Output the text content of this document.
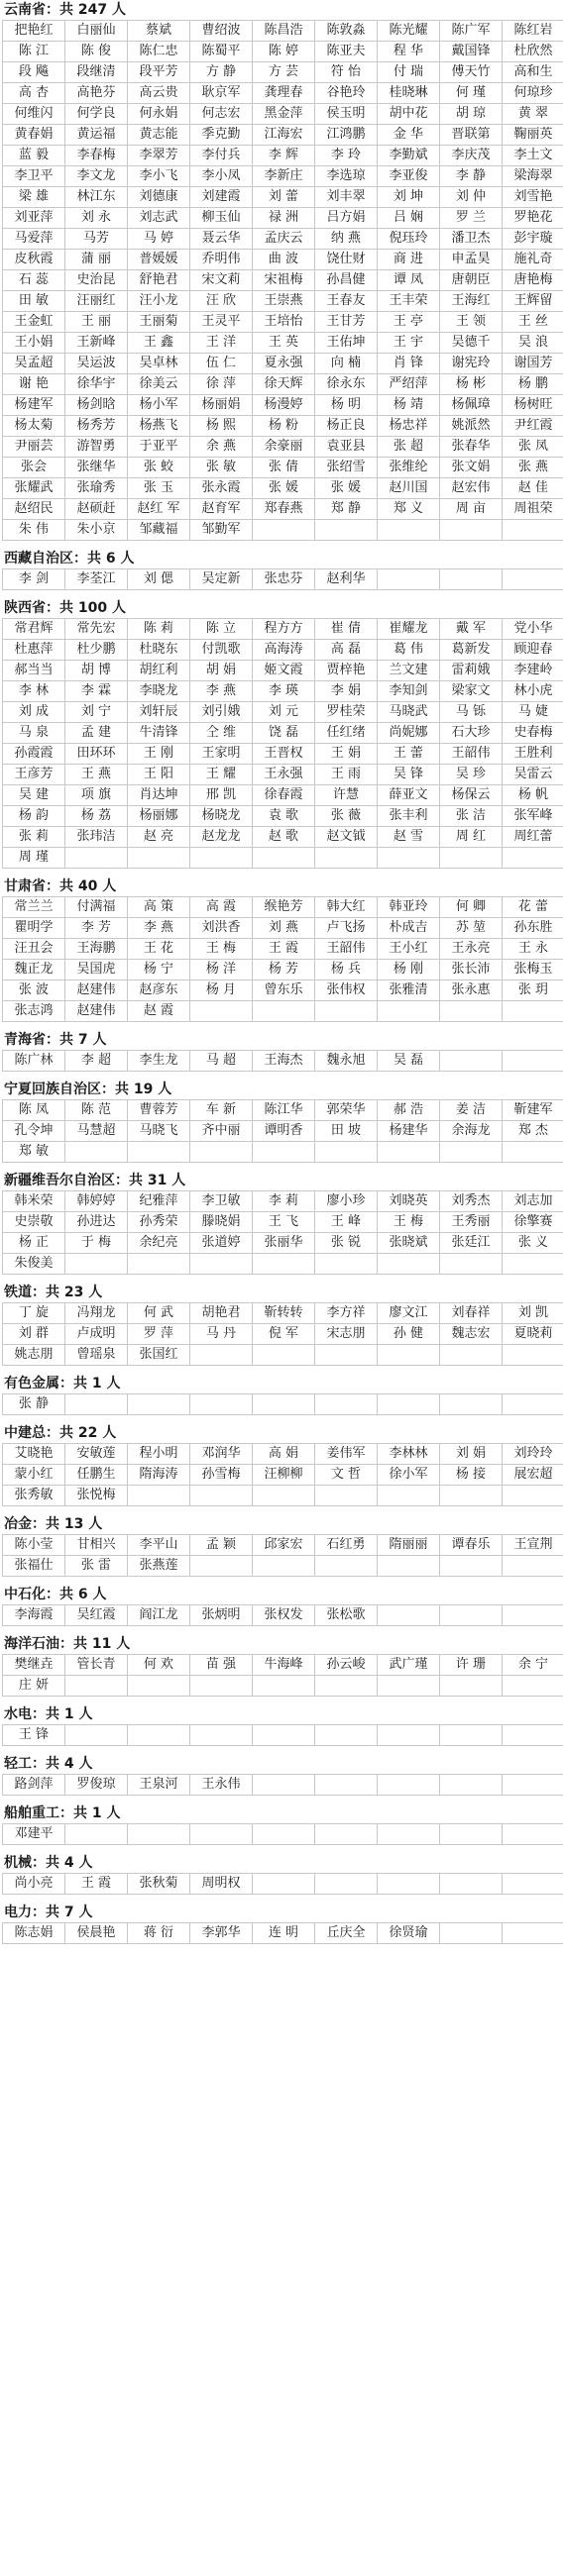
云南省：共 247 人
把艳红	白丽仙	蔡斌	曹绍波	陈昌浩	陈敦淼	陈光耀	陈广军	陈红岩
陈 江	陈 俊	陈仁忠	陈蜀平	陈 婷	陈亚夫	程 华	戴国锋	杜欣然
段 飚	段继清	段平芳	方 静	方 芸	符 怡	付 瑞	傅天竹	高和生
高 杏	高艳芬	高云贵	耿京军	龚理春	谷艳玲	桂晓琳	何 瑾	何琼珍
何维闪	何学良	何永娟	何志宏	黑金萍	侯玉明	胡中花	胡 琼	黄 翠
黄春娟	黄运福	黄志能	季克勤	江海宏	江鸿鹏	金 华	晋联第	鞠丽英
蓝 毅	李春梅	李翠芳	李付兵	李 辉	李 玲	李勤斌	李庆茂	李土文
李卫平	李文龙	李小飞	李小凤	李新庄	李选琼	李亚俊	李 静	梁海翠
梁 雄	林江东	刘德康	刘建霞	刘 蕾	刘丰翠	刘 坤	刘 仲	刘雪艳
刘亚萍	刘 永	刘志武	柳玉仙	禄 洲	吕方娟	吕 娴	罗 兰	罗艳花
马爱萍	马芳	马 婷	聂云华	孟庆云	纳 燕	倪珏玲	潘卫杰	彭宇璇
皮秋霞	蒲 丽	普媛媛	乔明伟	曲 波	饶仕财	商 进	申孟昊	施礼奇
石 蕊	史治昆	舒艳君	宋文莉	宋祖梅	孙昌健	谭 凤	唐朝臣	唐艳梅
田 敏	汪丽红	汪小龙	汪 欣	王崇燕	王春友	王丰荣	王海红	王辉留
王金虹	王 丽	王丽菊	王灵平	王培怡	王甘芳	王 亭	王 领	王 丝
王小娟	王新峰	王 鑫	王 洋	王 英	王佑坤	王 宇	吴德千	吴 浪
吴孟超	吴运波	吴卓林	伍 仁	夏永强	向 楠	肖 锋	谢宪玲	谢国芳
谢 艳	徐华宇	徐美云	徐 萍	徐天辉	徐永东	严绍萍	杨 彬	杨 鹏
杨建军	杨剑晗	杨小军	杨丽娟	杨漫婷	杨 明	杨 靖	杨佩璋	杨树旺
杨太菊	杨秀芳	杨燕飞	杨 熙	杨 粉	杨正良	杨忠祥	姚派然	尹红霞
尹丽芸	游智勇	于亚平	余 燕	余豪丽	袁亚县	张 超	张春华	张 凤
张会	张继华	张 蛟	张 敏	张 倩	张绍雪	张维纶	张文娟	张 燕
张耀武	张瑜秀	张 玉	张永霞	张 媛	张 媛	赵川国	赵宏伟	赵 佳
赵绍民	赵硕赶	赵红 军	赵育军	郑春燕	郑 静	郑 义	周 亩	周祖荣
朱 伟	朱小京	邹藏福	邹勤军					
西藏自治区：共 6 人
李 剑	李荃江	刘 偲	吴定新	张忠芬	赵利华			
陕西省：共 100 人
常君辉	常先宏	陈 莉	陈 立	程方方	崔 倩	崔耀龙	戴 军	党小华
杜惠萍	杜少鹏	杜晓东	付凯歌	高海涛	高 磊	葛 伟	葛新发	顾迎春
郝当当	胡 博	胡红利	胡 娟	姬文霞	贾梓艳	兰文建	雷莉娥	李建岭
李 林	李 霖	李晓龙	李 燕	李 瑛	李 娟	李知剑	梁家文	林小虎
刘 成	刘 宁	刘轩辰	刘引娥	刘 元	罗桂荣	马晓武	马 铄	马 婕
马 泉	孟 建	牛清锋	仝 维	饶 磊	任红绪	尚妮娜	石大珍	史春梅
孙霞霞	田环环	王 刚	王家明	王晋权	王 娟	王 蕾	王韶伟	王胜利
王彦芳	王 燕	王 阳	王 耀	王永强	王 雨	吴 锋	吴 珍	吴雷云
吴 建	项 旗	肖达坤	邢 凯	徐春霞	许慧	薛亚文	杨保云	杨 帆
杨 韵	杨 荔	杨丽娜	杨晓龙	袁 歌	张 薇	张丰利	张 洁	张军峰
张 莉	张玮洁	赵 亮	赵龙龙	赵 歌	赵文钺	赵 雪	周 红	周红蕾
周 瑾								
甘肃省：共 40 人
常兰兰	付满福	高 策	高 霞	缑艳芳	韩大红	韩亚玲	何 卿	花 蕾
瞿明学	李 芳	李 燕	刘洪香	刘 燕	卢飞扬	朴成吉	苏 堃	孙东胜
汪丑会	王海鹏	王 花	王 梅	王 霞	王韶伟	王小红	王永亮	王 永
魏正龙	吴国虎	杨 宁	杨 洋	杨 芳	杨 兵	杨 刚	张长沛	张梅玉
张 波	赵建伟	赵彦东	杨 月	曾东乐	张伟权	张雅清	张永惠	张 玥
张志鸿	赵建伟	赵 霞						
青海省：共 7 人
陈广林	李 超	李生龙	马 超	王海杰	魏永旭	吴 磊		
宁夏回族自治区：共 19 人
陈 凤	陈 范	曹蓉芳	车 新	陈江华	郭荣华	郝 浩	姜 洁	靳建军
孔令坤	马慧超	马晓飞	齐中丽	谭明香	田 坡	杨建华	余海龙	郑 杰
郑 敏								
新疆维吾尔自治区：共 31 人
韩米荣	韩婷婷	纪雅萍	李卫敏	李 莉	廖小珍	刘晓英	刘秀杰	刘志加
史崇敬	孙进达	孙秀荣	滕晓娟	王 飞	王 峰	王 梅	王秀丽	徐擎赛
杨 正	于 梅	余纪亮	张道婷	张丽华	张 锐	张晓斌	张廷江	张 义
朱俊美								
铁道：共 23 人
丁 旋	冯翔龙	何 武	胡艳君	靳转转	李方祥	廖文江	刘春祥	刘 凯
刘 群	卢成明	罗 萍	马 丹	倪 军	宋志朋	孙 健	魏志宏	夏晓莉
姚志朋	曾瑶泉	张国红						
有色金属：共 1 人
张 静								
中建总：共 22 人
艾晓艳	安敏莲	程小明	邓润华	高 娟	姜伟军	李林林	刘 娟	刘玲玲
蒙小红	任鹏生	隋海涛	孙雪梅	汪柳柳	文 哲	徐小军	杨 接	展宏超
张秀敏	张悦梅							
冶金：共 13 人
陈小莹	甘相兴	李平山	孟 颖	邱家宏	石红勇	隋丽丽	谭春乐	王宣荆
张福仕	张 雷	张燕莲						
中石化：共 6 人
李海霞	吴红霞	阎江龙	张炳明	张权发	张松歌			
海洋石油：共 11 人
樊继垚	管长青	何 欢	苗 强	牛海峰	孙云峻	武广瑾	许 珊	余 宁
庄 妍								
水电：共 1 人
王 锋								
轻工：共 4 人
路剑萍	罗俊琼	王泉河	王永伟					
船舶重工：共 1 人
邓建平								
机械：共 4 人
尚小亮	王 霞	张秋菊	周明权					
电力：共 7 人
陈志娟	侯晨艳	蒋 衍	李郭华	连 明	丘庆全	徐贤瑜		
